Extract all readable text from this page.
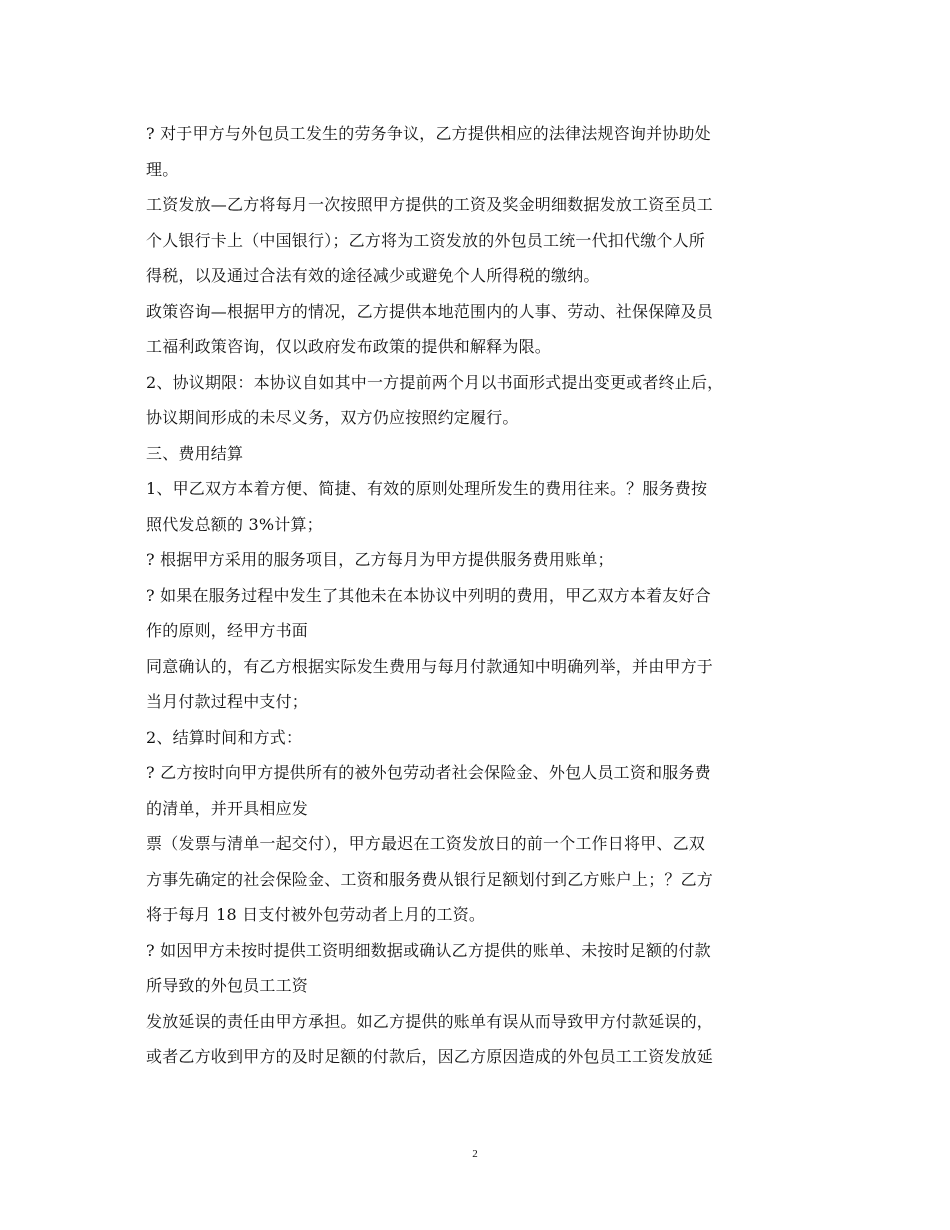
? 对于甲方与外包员工发生的劳务争议，乙方提供相应的法律法规咨询并协助处
理。
工资发放—乙方将每月一次按照甲方提供的工资及奖金明细数据发放工资至员工
个人银行卡上（中国银行）；乙方将为工资发放的外包员工统一代扣代缴个人所
得税，以及通过合法有效的途径减少或避免个人所得税的缴纳。
政策咨询—根据甲方的情况，乙方提供本地范围内的人事、劳动、社保保障及员
工福利政策咨询，仅以政府发布政策的提供和解释为限。
2、协议期限：本协议自如其中一方提前两个月以书面形式提出变更或者终止后，
协议期间形成的未尽义务，双方仍应按照约定履行。
三、费用结算
1、甲乙双方本着方便、简捷、有效的原则处理所发生的费用往来。？服务费按
照代发总额的 3%计算；
? 根据甲方采用的服务项目，乙方每月为甲方提供服务费用账单；
? 如果在服务过程中发生了其他未在本协议中列明的费用，甲乙双方本着友好合
作的原则，经甲方书面
同意确认的，有乙方根据实际发生费用与每月付款通知中明确列举，并由甲方于
当月付款过程中支付；
2、结算时间和方式：
? 乙方按时向甲方提供所有的被外包劳动者社会保险金、外包人员工资和服务费
的清单，并开具相应发
票（发票与清单一起交付），甲方最迟在工资发放日的前一个工作日将甲、乙双
方事先确定的社会保险金、工资和服务费从银行足额划付到乙方账户上；？乙方
将于每月 18 日支付被外包劳动者上月的工资。
? 如因甲方未按时提供工资明细数据或确认乙方提供的账单、未按时足额的付款
所导致的外包员工工资
发放延误的责任由甲方承担。如乙方提供的账单有误从而导致甲方付款延误的，
或者乙方收到甲方的及时足额的付款后，因乙方原因造成的外包员工工资发放延
2
